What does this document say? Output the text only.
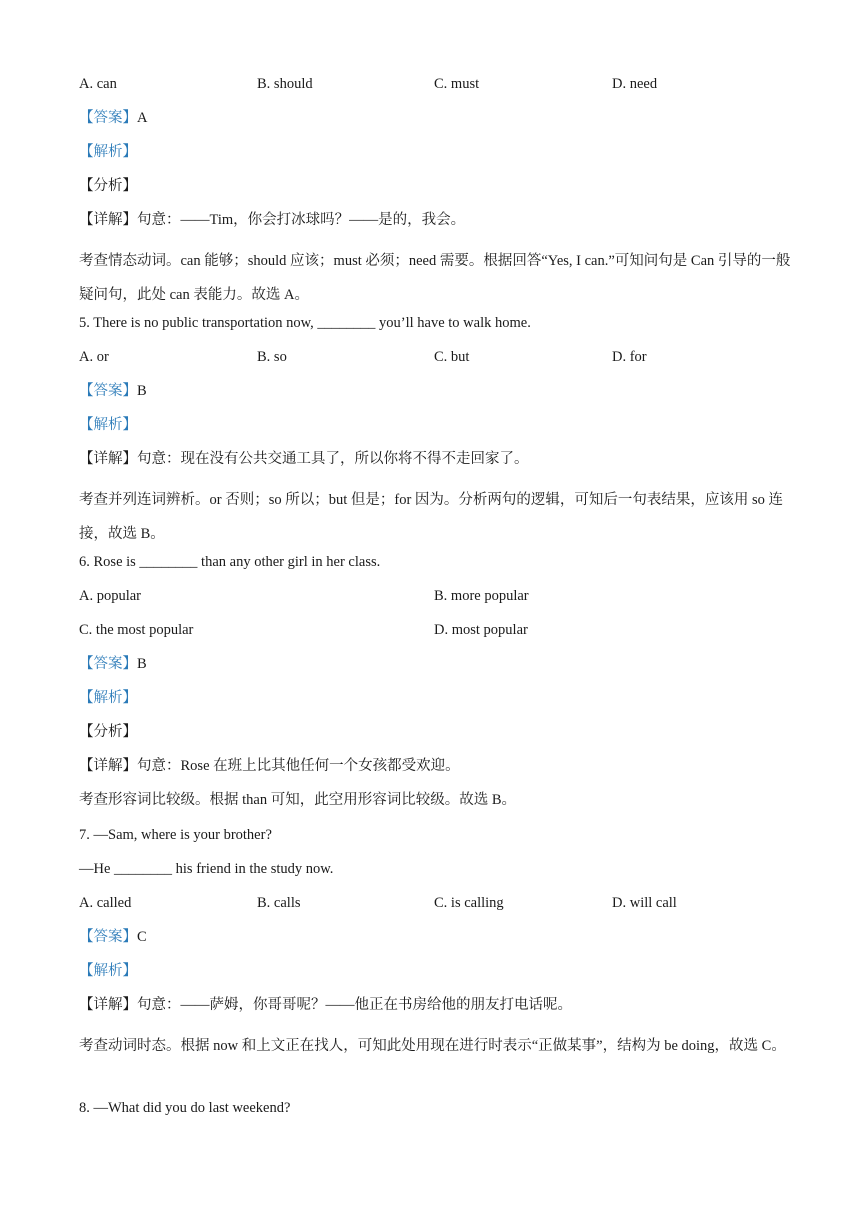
A. can	B. should	C. must	D. need
【答案】A
【解析】
【分析】
【详解】句意：——Tim，你会打冰球吗？——是的，我会。
考查情态动词。can 能够；should 应该；must 必须；need 需要。根据回答“Yes, I can.”可知问句是 Can 引导的一般疑问句，此处 can 表能力。故选 A。
5. There is no public transportation now, ________ you’ll have to walk home.
A. or	B. so	C. but	D. for
【答案】B
【解析】
【详解】句意：现在没有公共交通工具了，所以你将不得不走回家了。
考查并列连词辨析。or 否则；so 所以；but 但是；for 因为。分析两句的逻辑，可知后一句表结果，应该用 so 连接，故选 B。
6. Rose is ________ than any other girl in her class.
A. popular	B. more popular
C. the most popular	D. most popular
【答案】B
【解析】
【分析】
【详解】句意：Rose 在班上比其他任何一个女孩都受欢迎。
考查形容词比较级。根据 than 可知，此空用形容词比较级。故选 B。
7. —Sam, where is your brother?
—He ________ his friend in the study now.
A. called	B. calls	C. is calling	D. will call
【答案】C
【解析】
【详解】句意：——萨姆，你哥哥呢？——他正在书房给他的朋友打电话呢。
考查动词时态。根据 now 和上文正在找人，可知此处用现在进行时表示“正做某事”，结构为 be doing，故选 C。
8. —What did you do last weekend?
